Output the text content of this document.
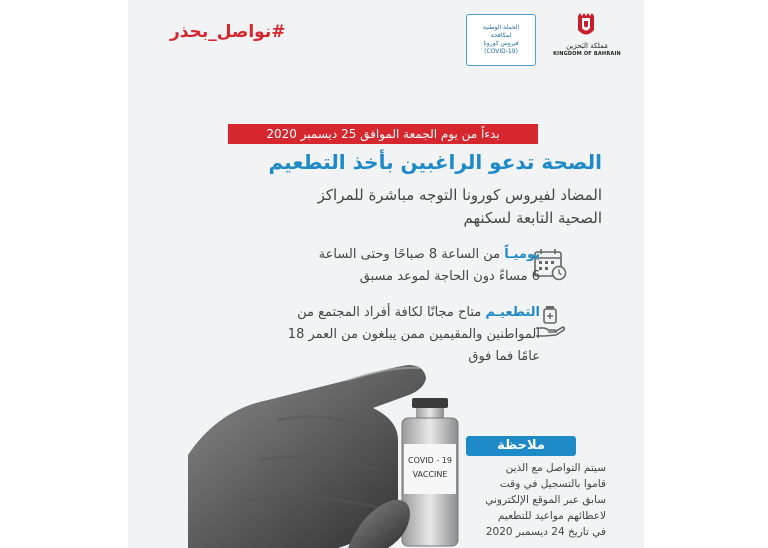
#نواصل_بحذر	الحملة الوطنية
لمكافحة
فيروس كورونا
(COVID-19)
مَملكة البَحرَين
KINGDOM OF BAHRAIN
بدءاً من يوم الجمعة الموافق 25 ديسمبر 2020
الصحة تدعو الراغبين بأخذ التطعيم
المضاد لفيروس كورونا التوجه مباشرة للمراكز
الصحية التابعة لسكنهم
يوميـاً من الساعة 8 صباحًا وحتى الساعة
6 مساءً دون الحاجة لموعد مسبق
التطعيـم متاح مجانًا لكافة أفراد المجتمع من
المواطنين والمقيمين ممن يبلغون من العمر 18
عامًا فما فوق
COVID - 19
VACCINE
ملاحظة
سيتم التواصل مع الذين
قاموا بالتسجيل في وقت
سابق عبر الموقع الإلكتروني
لاعطائهم مواعيد للتطعيم
في تاريخ 24 ديسمبر 2020
